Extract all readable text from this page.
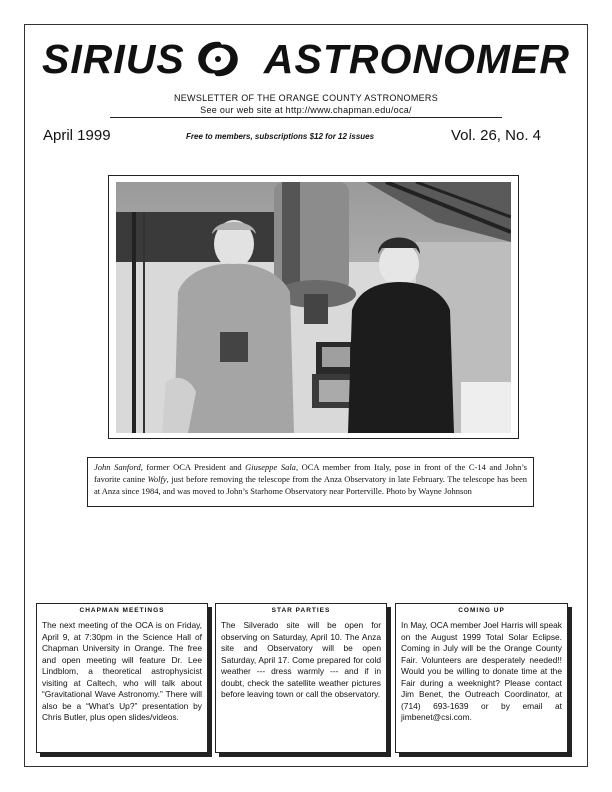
SIRIUS ASTRONOMER
NEWSLETTER OF THE ORANGE COUNTY ASTRONOMERS
See our web site at http://www.chapman.edu/oca/
April 1999	Free to members, subscriptions $12 for 12 issues	Vol. 26, No. 4
John Sanford, former OCA President and Giuseppe Sala, OCA member from Italy, pose in front of the C-14 and John’s favorite canine Wolfy, just before removing the telescope from the Anza Observatory in late February. The telescope has been at Anza since 1984, and was moved to John’s Starhome Observatory near Porterville. Photo by Wayne Johnson
CHAPMAN MEETINGS
The next meeting of the OCA is on Friday, April 9, at 7:30pm in the Science Hall of Chapman University in Orange. The free and open meeting will feature Dr. Lee Lindblom, a theoretical astrophysicist visiting at Caltech, who will talk about “Gravitational Wave Astronomy.” There will also be a “What’s Up?” presentation by Chris Butler, plus open slides/videos.
STAR PARTIES
The Silverado site will be open for observing on Saturday, April 10. The Anza site and Observatory will be open Saturday, April 17. Come prepared for cold weather --- dress warmly --- and if in doubt, check the satellite weather pictures before leaving town or call the observatory.
COMING UP
In May, OCA member Joel Harris will speak on the August 1999 Total Solar Eclipse. Coming in July will be the Orange County Fair. Volunteers are desperately needed!! Would you be willing to donate time at the Fair during a weeknight? Please contact Jim Benet, the Outreach Coordinator, at (714) 693-1639 or by email at jimbenet@csi.com.
